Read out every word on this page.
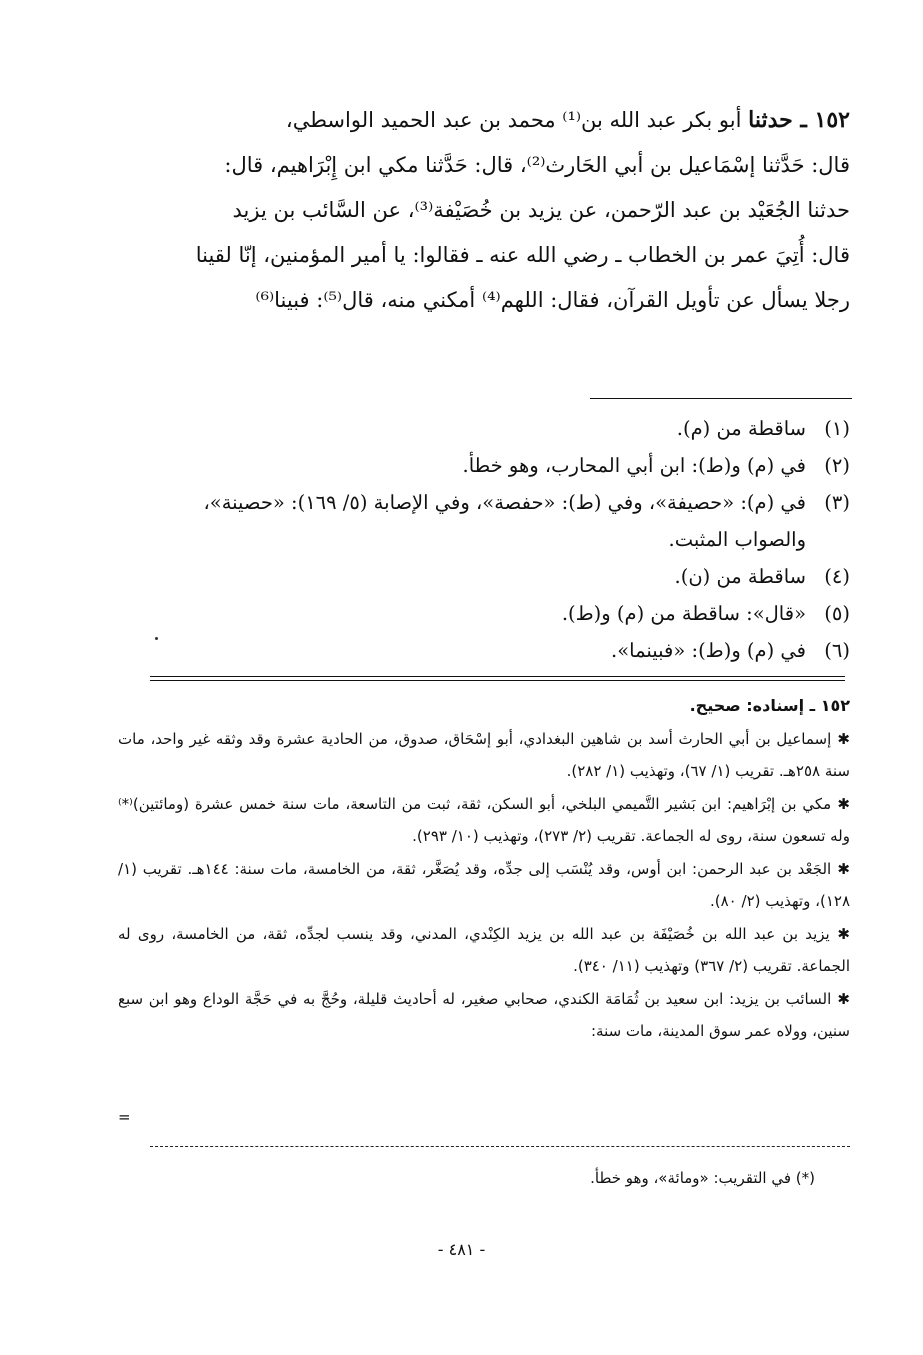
١٥٢ ـ حدثنا أبو بكر عبد الله بن⁽¹⁾ محمد بن عبد الحميد الواسطي،
قال: حَدَّثنا إسْمَاعيل بن أبي الحَارث⁽²⁾، قال: حَدَّثنا مكي ابن إِبْرَاهيم، قال:
حدثنا الجُعَيْد بن عبد الرّحمن، عن يزيد بن خُصَيْفة⁽³⁾، عن السَّائب بن يزيد
قال: أُتِيَ عمر بن الخطاب ـ رضي الله عنه ـ فقالوا: يا أمير المؤمنين، إنّا لقينا
رجلا يسأل عن تأويل القرآن، فقال: اللهم⁽⁴⁾ أمكني منه، قال⁽⁵⁾: فبينا⁽⁶⁾
(١)
ساقطة من (م).
(٢)
في (م) و(ط): ابن أبي المحارب، وهو خطأ.
(٣)
في (م): «حصيفة»، وفي (ط): «حفصة»، وفي الإصابة (٥/ ١٦٩): «حصينة»، والصواب المثبت.
(٤)
ساقطة من (ن).
(٥)
«قال»: ساقطة من (م) و(ط).
(٦)
في (م) و(ط): «فبينما».
١٥٢ ـ إسناده: صحيح.
✱ إسماعيل بن أبي الحارث أسد بن شاهين البغدادي، أبو إسْحَاق، صدوق، من الحادية عشرة وقد وثقه غير واحد، مات سنة ٢٥٨هـ. تقريب (١/ ٦٧)، وتهذيب (١/ ٢٨٢).
✱ مكي بن إبْرَاهيم: ابن بَشير التَّميمي البلخي، أبو السكن، ثقة، ثبت من التاسعة، مات سنة خمس عشرة (ومائتين)⁽*⁾ وله تسعون سنة، روى له الجماعة. تقريب (٢/ ٢٧٣)، وتهذيب (١٠/ ٢٩٣).
✱ الجَعْد بن عبد الرحمن: ابن أوس، وقد يُنْسَب إلى جدِّه، وقد يُصَغَّر، ثقة، من الخامسة، مات سنة: ١٤٤هـ. تقريب (١/ ١٢٨)، وتهذيب (٢/ ٨٠).
✱ يزيد بن عبد الله بن خُصَيْفَة بن عبد الله بن يزيد الكِنْدي، المدني، وقد ينسب لجدِّه، ثقة، من الخامسة، روى له الجماعة. تقريب (٢/ ٣٦٧) وتهذيب (١١/ ٣٤٠).
✱ السائب بن يزيد: ابن سعيد بن ثُمَامَة الكندي، صحابي صغير، له أحاديث قليلة، وحُجَّ به في حَجَّة الوداع وهو ابن سبع سنين، وولاه عمر سوق المدينة، مات سنة:
=
(*) في التقريب: «ومائة»، وهو خطأ.
- ٤٨١ -
